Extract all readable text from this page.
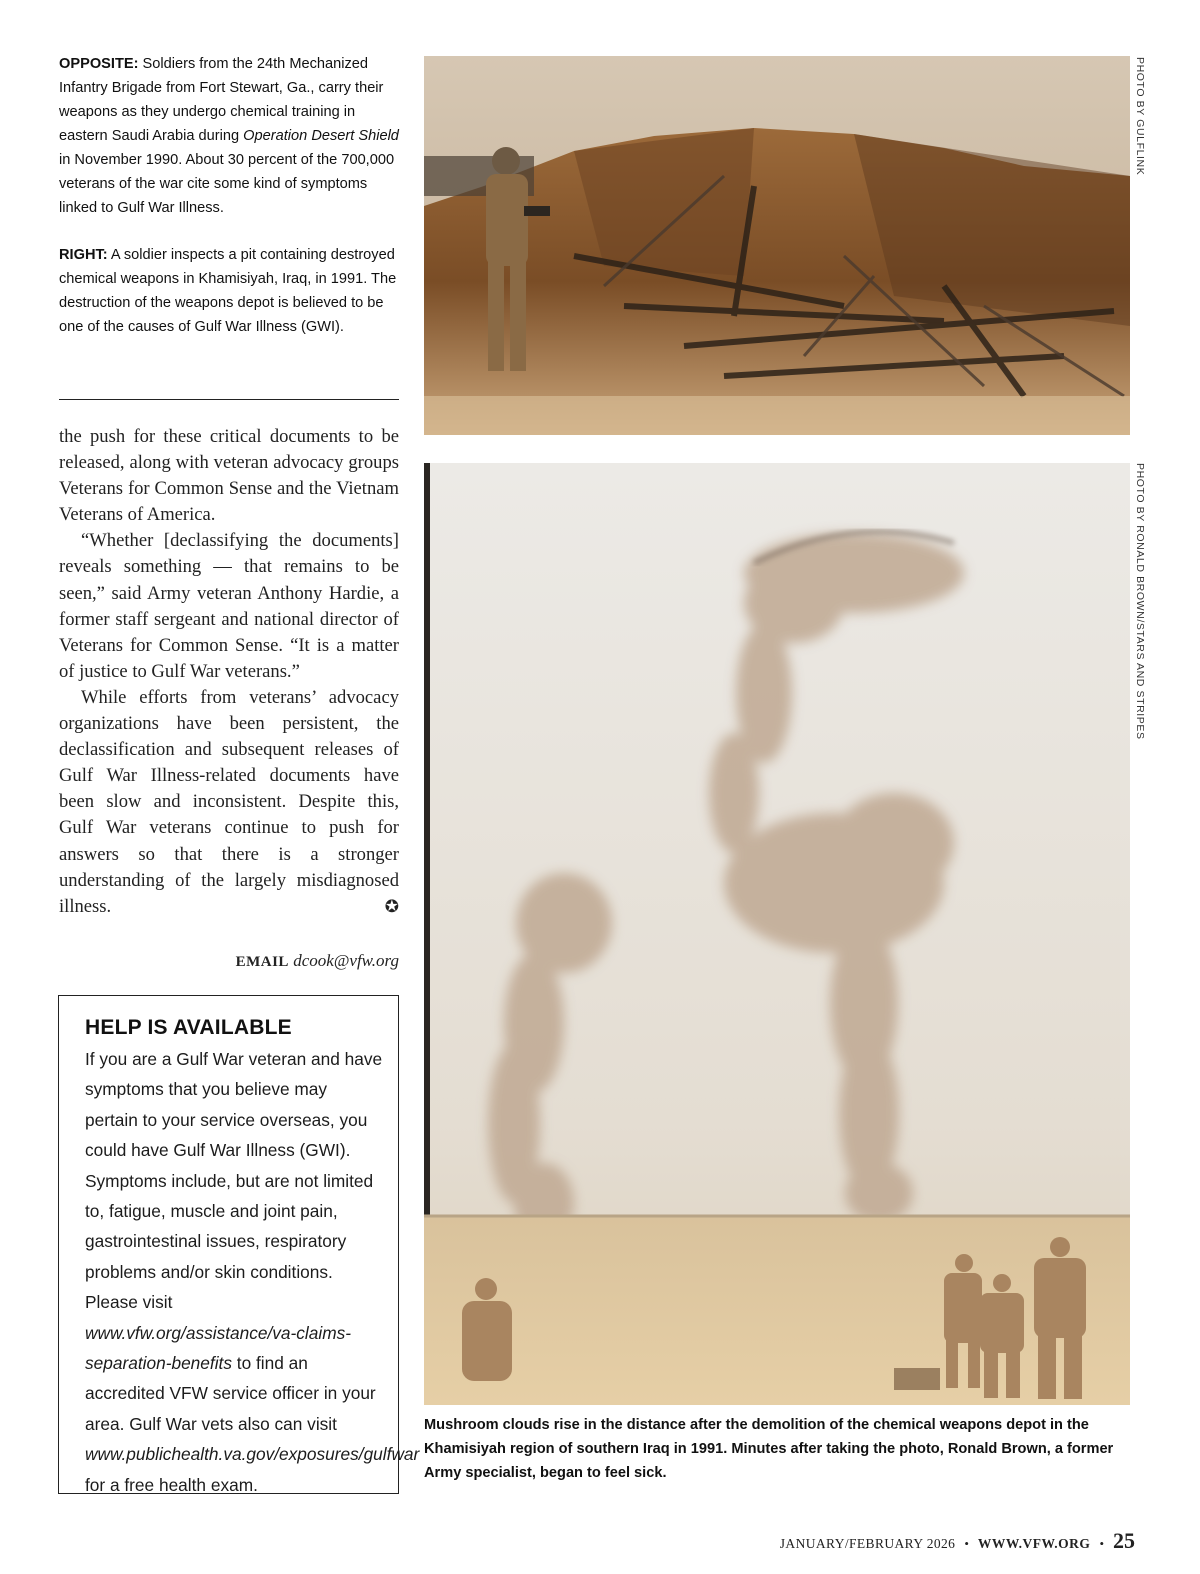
OPPOSITE: Soldiers from the 24th Mechanized Infantry Brigade from Fort Stewart, Ga., carry their weapons as they undergo chemical training in eastern Saudi Arabia during Operation Desert Shield in November 1990. About 30 percent of the 700,000 veterans of the war cite some kind of symptoms linked to Gulf War Illness.

RIGHT: A soldier inspects a pit containing destroyed chemical weapons in Khamisiyah, Iraq, in 1991. The destruction of the weapons depot is believed to be one of the causes of Gulf War Illness (GWI).

the push for these critical documents to be released, along with veteran advocacy groups Veterans for Common Sense and the Vietnam Veterans of America.

“Whether [declassifying the documents] reveals something — that remains to be seen,” said Army veteran Anthony Hardie, a former staff sergeant and national director of Veterans for Common Sense. “It is a matter of justice to Gulf War veterans.”

While efforts from veterans’ advocacy organizations have been persistent, the declassification and subsequent releases of Gulf War Illness-related documents have been slow and inconsistent. Despite this, Gulf War veterans continue to push for answers so that there is a stronger understanding of the largely misdiagnosed illness.	✪

EMAIL dcook@vfw.org
HELP IS AVAILABLE
If you are a Gulf War veteran and have symptoms that you believe may pertain to your service overseas, you could have Gulf War Illness (GWI). Symptoms include, but are not limited to, fatigue, muscle and joint pain, gastrointestinal issues, respiratory problems and/or skin conditions. Please visit www.vfw.org/assistance/va-claims-separation-benefits to find an accredited VFW service officer in your area. Gulf War vets also can visit www.publichealth.va.gov/exposures/gulfwar for a free health exam.
PHOTO BY GULFLINK
PHOTO BY RONALD BROWN/STARS AND STRIPES
Mushroom clouds rise in the distance after the demolition of the chemical weapons depot in the Khamisiyah region of southern Iraq in 1991. Minutes after taking the photo, Ronald Brown, a former Army specialist, began to feel sick.
JANUARY/FEBRUARY 2026 • WWW.VFW.ORG • 25
